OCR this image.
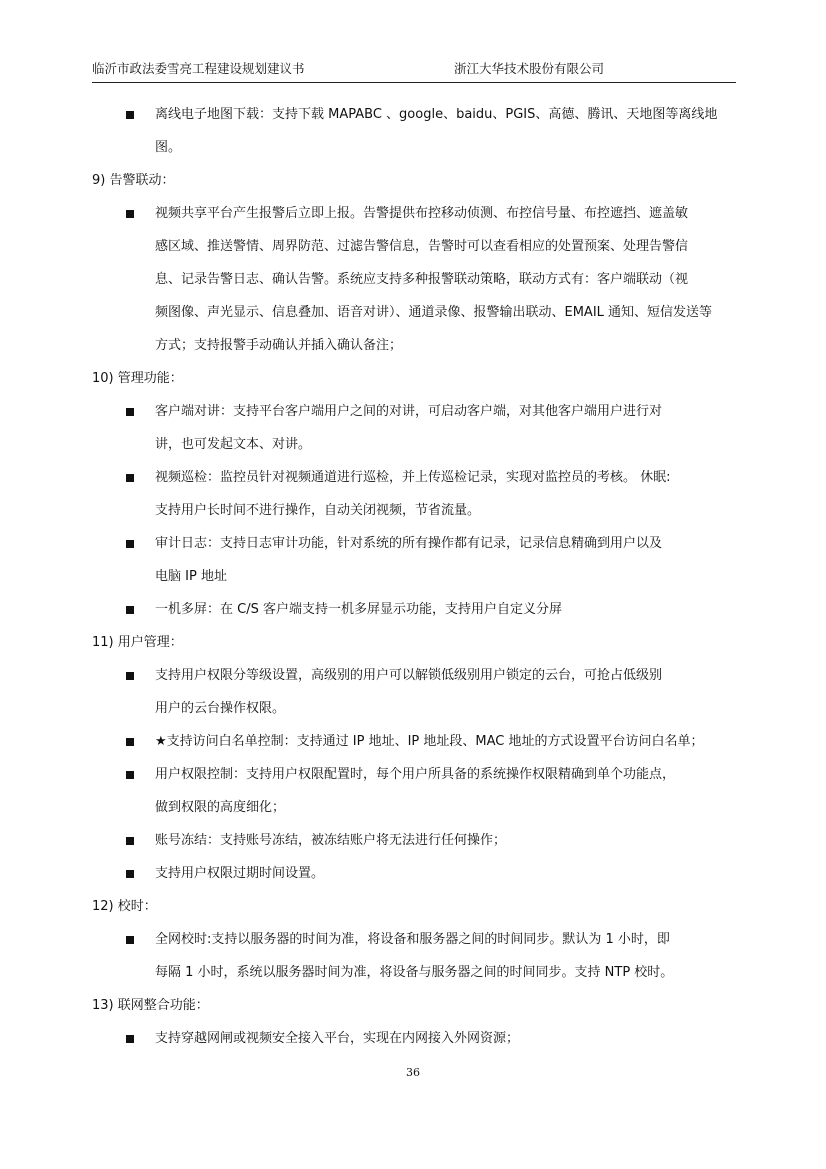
临沂市政法委雪亮工程建设规划建议书	浙江大华技术股份有限公司
离线电子地图下载：支持下载 MAPABC 、google、baidu、PGIS、高德、腾讯、天地图等离线地
图。
9) 告警联动：
视频共享平台产生报警后立即上报。告警提供布控移动侦测、布控信号量、布控遮挡、遮盖敏
感区域、推送警情、周界防范、过滤告警信息，告警时可以查看相应的处置预案、处理告警信
息、记录告警日志、确认告警。系统应支持多种报警联动策略，联动方式有：客户端联动（视
频图像、声光显示、信息叠加、语音对讲）、通道录像、报警输出联动、EMAIL 通知、短信发送等
方式；支持报警手动确认并插入确认备注；
10) 管理功能：
客户端对讲：支持平台客户端用户之间的对讲，可启动客户端，对其他客户端用户进行对
讲，也可发起文本、对讲。
视频巡检：监控员针对视频通道进行巡检，并上传巡检记录，实现对监控员的考核。 休眠:
支持用户长时间不进行操作，自动关闭视频，节省流量。
审计日志：支持日志审计功能，针对系统的所有操作都有记录，记录信息精确到用户以及
电脑 IP 地址
一机多屏：在 C/S 客户端支持一机多屏显示功能，支持用户自定义分屏
11) 用户管理：
支持用户权限分等级设置，高级别的用户可以解锁低级别用户锁定的云台，可抢占低级别
用户的云台操作权限。
★支持访问白名单控制：支持通过 IP 地址、IP 地址段、MAC 地址的方式设置平台访问白名单；
用户权限控制：支持用户权限配置时，每个用户所具备的系统操作权限精确到单个功能点，
做到权限的高度细化；
账号冻结：支持账号冻结，被冻结账户将无法进行任何操作；
支持用户权限过期时间设置。
12) 校时：
全网校时:支持以服务器的时间为准，将设备和服务器之间的时间同步。默认为 1 小时，即
每隔 1 小时，系统以服务器时间为准，将设备与服务器之间的时间同步。支持 NTP 校时。
13) 联网整合功能：
支持穿越网闸或视频安全接入平台，实现在内网接入外网资源；
36
